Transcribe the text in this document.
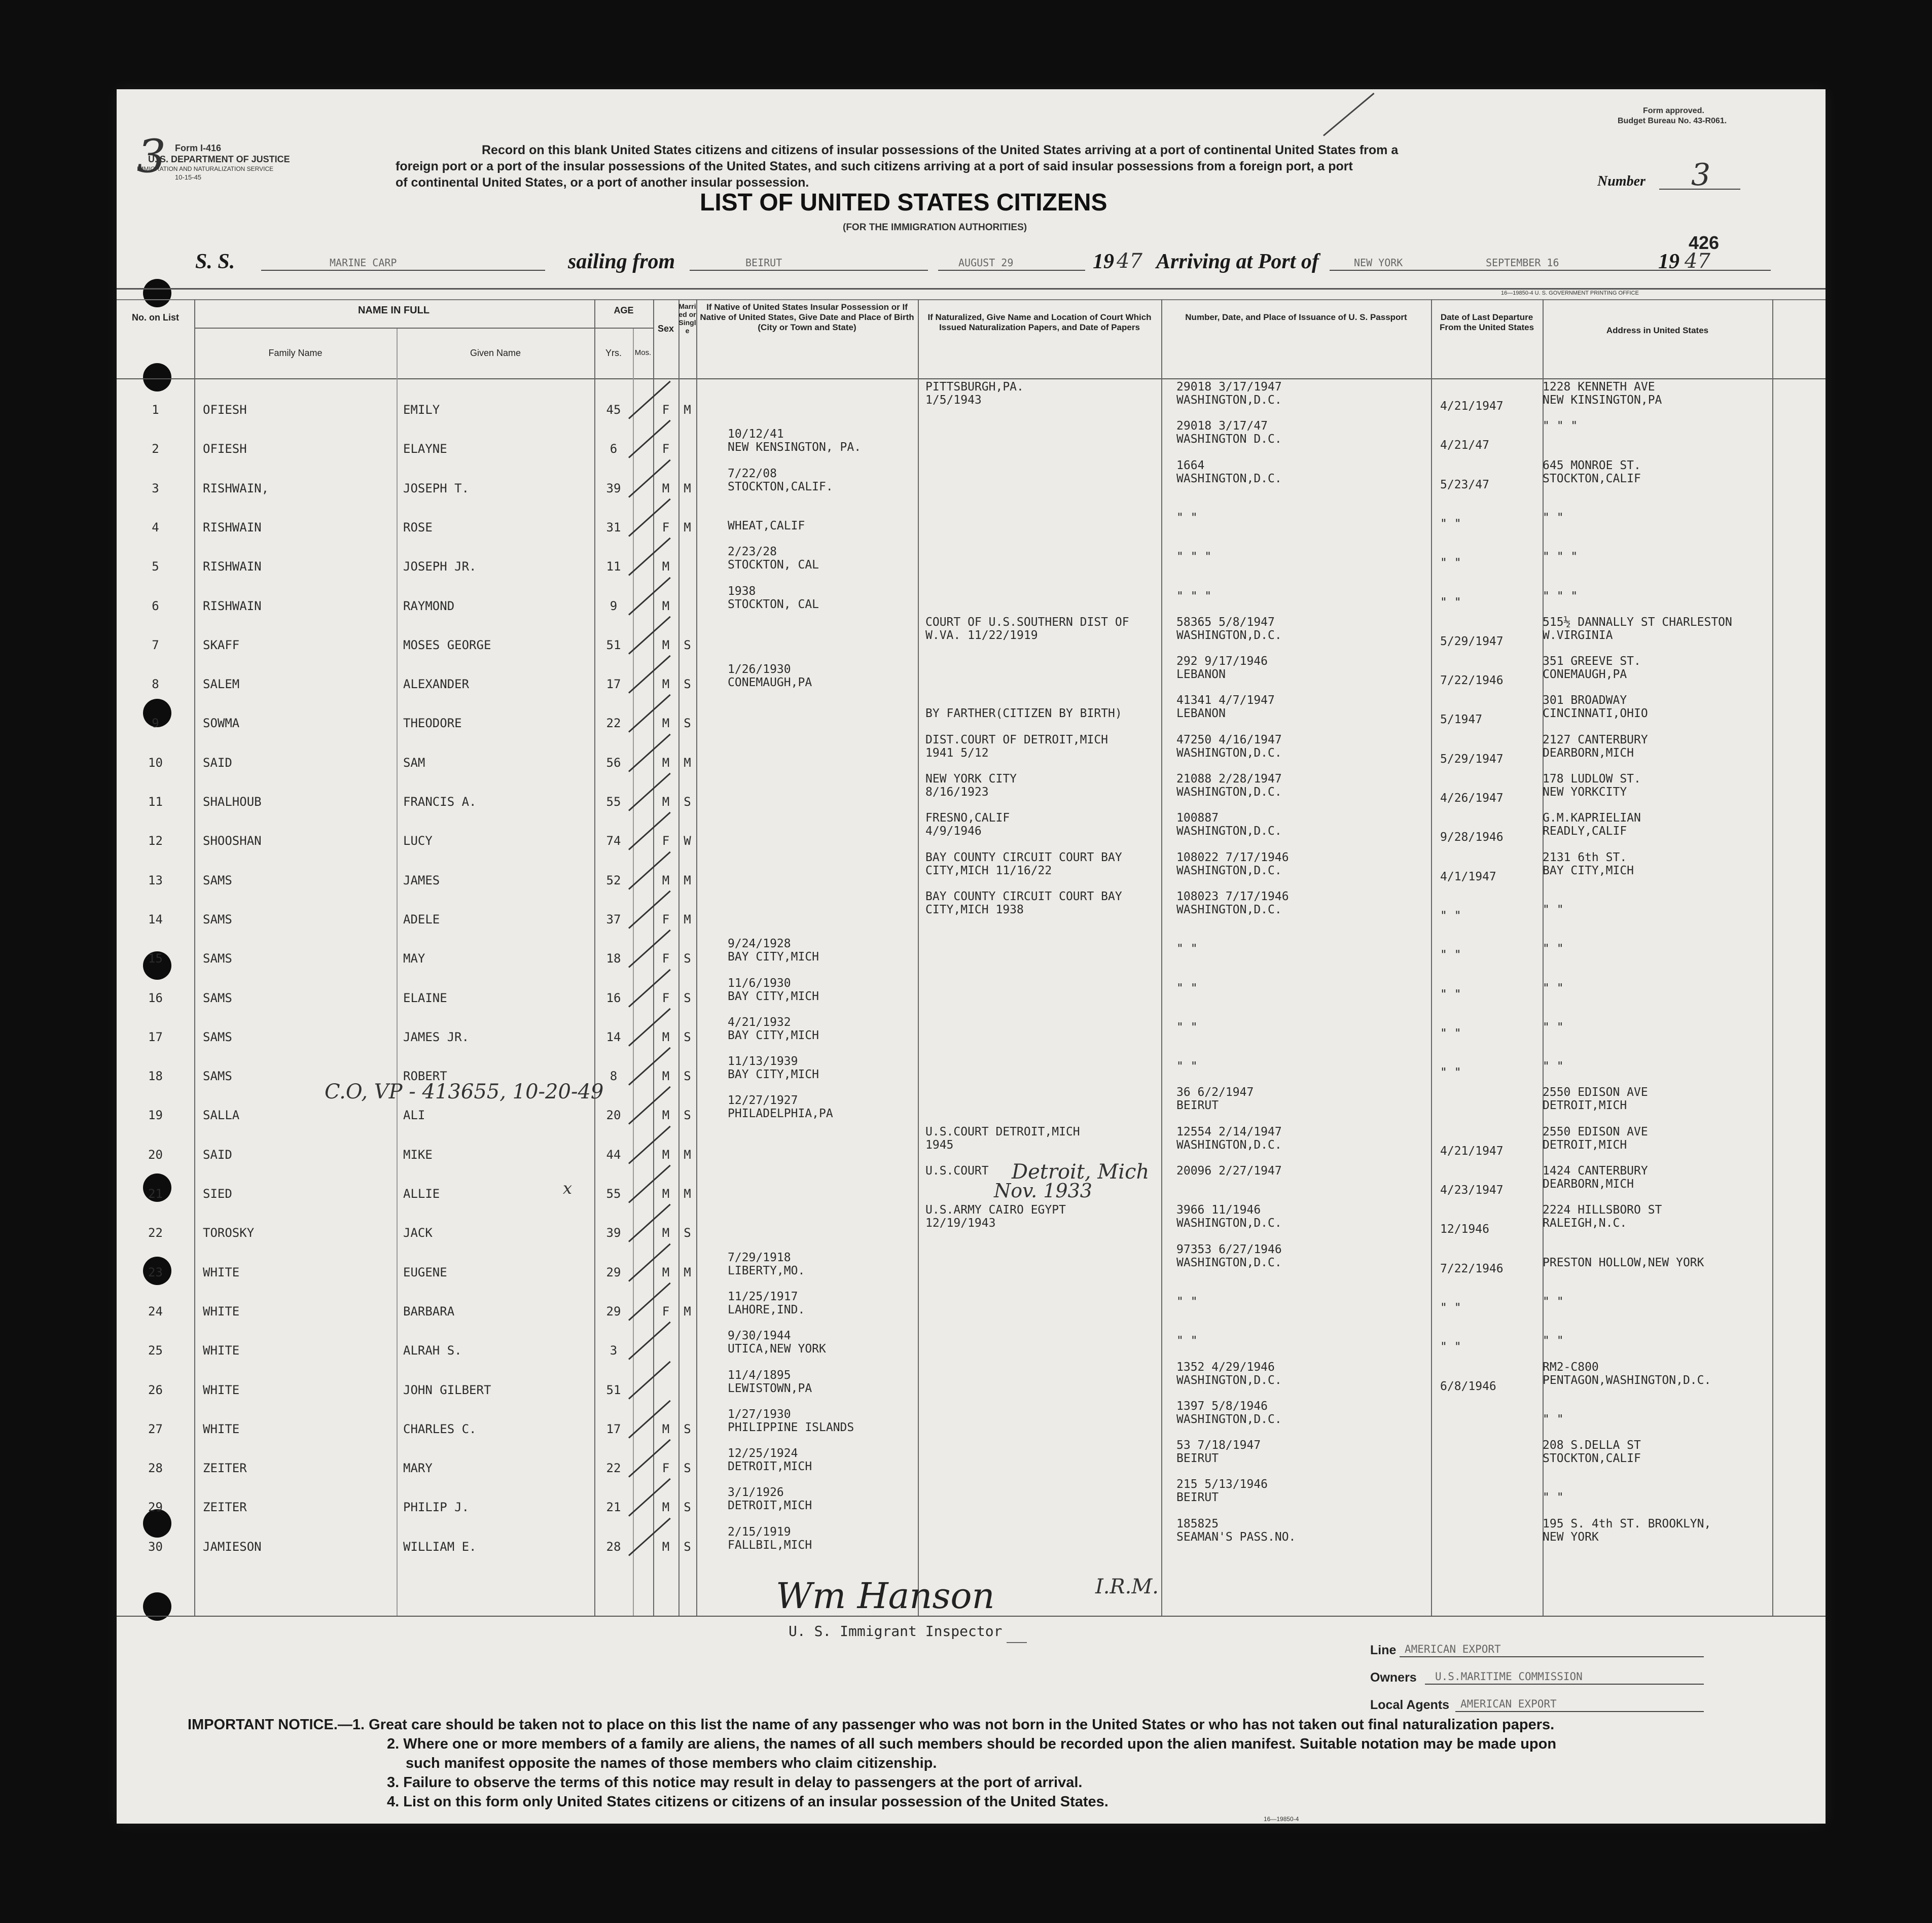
3 Form I-416
U. S. DEPARTMENT OF JUSTICE
IMMIGRATION AND NATURALIZATION SERVICE
10-15-45
Form approved.
Budget Bureau No. 43-R061.
Record on this blank United States citizens and citizens of insular possessions of the United States arriving at a port of continental United States from a
foreign port or a port of the insular possessions of the United States, and such citizens arriving at a port of said insular possessions from a foreign port, a port
of continental United States, or a port of another insular possession.
LIST OF UNITED STATES CITIZENS
(FOR THE IMMIGRATION AUTHORITIES)
Number 3
426
S. S.	MARINE CARP	sailing from	BEIRUT	AUGUST 29	19 47 Arriving at Port of	NEW YORK	SEPTEMBER 16	19 47
16—19850-4 U. S. GOVERNMENT PRINTING OFFICE
No. on List
NAME IN FULL
Family Name	Given Name
AGE
Yrs.	Mos.
Sex
Married or Single
If Native of United States Insular Possession or If Native of United States, Give Date and Place of Birth (City or Town and State)
If Naturalized, Give Name and Location of Court Which Issued Naturalization Papers, and Date of Papers
Number, Date, and Place of Issuance of U. S. Passport	Date of Last Departure From the United States	Address in United States
1	OFIESH	EMILY	45	F	M
PITTSBURGH,PA.
1/5/1943
29018 3/17/1947
WASHINGTON,D.C.	4/21/1947
1228 KENNETH AVE
NEW KINSINGTON,PA
2	OFIESH	ELAYNE	6	F
10/12/41
NEW KENSINGTON, PA.
29018 3/17/47
WASHINGTON D.C.	4/21/47
" " "
3	RISHWAIN,	JOSEPH T.	39	M	M
7/22/08
STOCKTON,CALIF.
1664
WASHINGTON,D.C.	5/23/47
645 MONROE ST.
STOCKTON,CALIF
4	RISHWAIN	ROSE	31	F	M	WHEAT,CALIF
" "	" "	" "
5	RISHWAIN	JOSEPH JR.	11	M
2/23/28
STOCKTON, CAL
" " "	" "	" " "
6	RISHWAIN	RAYMOND	9	M
1938
STOCKTON, CAL
" " "	" "	" " "
7	SKAFF	MOSES GEORGE	51	M	S
COURT OF U.S.SOUTHERN DIST OF
W.VA. 11/22/1919
58365 5/8/1947
WASHINGTON,D.C.	5/29/1947
515½ DANNALLY ST CHARLESTON
W.VIRGINIA
8	SALEM	ALEXANDER	17	M	S
1/26/1930
CONEMAUGH,PA
292 9/17/1946
LEBANON	7/22/1946
351 GREEVE ST.
CONEMAUGH,PA
9	SOWMA	THEODORE	22	M	S
BY FARTHER(CITIZEN BY BIRTH)
41341 4/7/1947
LEBANON	5/1947
301 BROADWAY
CINCINNATI,OHIO
10	SAID	SAM	56	M	M
DIST.COURT OF DETROIT,MICH
1941 5/12
47250 4/16/1947
WASHINGTON,D.C.	5/29/1947
2127 CANTERBURY
DEARBORN,MICH
11	SHALHOUB	FRANCIS A.	55	M	S
NEW YORK CITY
8/16/1923
21088 2/28/1947
WASHINGTON,D.C.	4/26/1947
178 LUDLOW ST.
NEW YORKCITY
12	SHOOSHAN	LUCY	74	F	W
FRESNO,CALIF
4/9/1946
100887
WASHINGTON,D.C.	9/28/1946
G.M.KAPRIELIAN
READLY,CALIF
13	SAMS	JAMES	52	M	M
BAY COUNTY CIRCUIT COURT BAY
CITY,MICH 11/16/22
108022 7/17/1946
WASHINGTON,D.C.	4/1/1947
2131 6th ST.
BAY CITY,MICH
14	SAMS	ADELE	37	F	M
BAY COUNTY CIRCUIT COURT BAY
CITY,MICH 1938
108023 7/17/1946
WASHINGTON,D.C.	" "	" "
15	SAMS	MAY	18	F	S
9/24/1928
BAY CITY,MICH
" "	" "	" "
16	SAMS	ELAINE	16	F	S
11/6/1930
BAY CITY,MICH
" "	" "	" "
17	SAMS	JAMES JR.	14	M	S
4/21/1932
BAY CITY,MICH
" "	" "	" "
18	SAMS	ROBERT	8	M	S
11/13/1939
BAY CITY,MICH
" "	" "	" "
19	SALLA	ALI	20	M	S
12/27/1927
PHILADELPHIA,PA
36 6/2/1947
BEIRUT
2550 EDISON AVE
DETROIT,MICH
20	SAID	MIKE	44	M	M
U.S.COURT DETROIT,MICH
1945
12554 2/14/1947
WASHINGTON,D.C.	4/21/1947
2550 EDISON AVE
DETROIT,MICH
21	SIED	ALLIE	55	M	M
U.S.COURT	20096 2/27/1947
4/23/1947
1424 CANTERBURY
DEARBORN,MICH
22	TOROSKY	JACK	39	M	S
U.S.ARMY CAIRO EGYPT
12/19/1943
3966 11/1946
WASHINGTON,D.C.	12/1946
2224 HILLSBORO ST
RALEIGH,N.C.
23	WHITE	EUGENE	29	M	M
7/29/1918
LIBERTY,MO.
97353 6/27/1946
WASHINGTON,D.C.	7/22/1946	PRESTON HOLLOW,NEW YORK
24	WHITE	BARBARA	29	F	M
11/25/1917
LAHORE,IND.
" "	" "	" "
25	WHITE	ALRAH S.	3
9/30/1944
UTICA,NEW YORK
" "	" "	" "
26	WHITE	JOHN GILBERT	51
11/4/1895
LEWISTOWN,PA
1352 4/29/1946
WASHINGTON,D.C.	6/8/1946
RM2-C800
PENTAGON,WASHINGTON,D.C.
27	WHITE	CHARLES C.	17	M	S
1/27/1930
PHILIPPINE ISLANDS
1397 5/8/1946
WASHINGTON,D.C.	" "
28	ZEITER	MARY	22	F	S
12/25/1924
DETROIT,MICH
53 7/18/1947
BEIRUT
208 S.DELLA ST
STOCKTON,CALIF
29	ZEITER	PHILIP J.	21	M	S
3/1/1926
DETROIT,MICH
215 5/13/1946
BEIRUT	" "
30	JAMIESON	WILLIAM E.	28	M	S
2/15/1919
FALLBIL,MICH
185825
SEAMAN'S PASS.NO.
195 S. 4th ST. BROOKLYN,
NEW YORK
C.O, VP - 413655, 10-20-49
Detroit, Mich
Nov. 1933
x
Wm Hanson	I.R.M.
U. S. Immigrant Inspector
Line AMERICAN EXPORT
Owners U.S.MARITIME COMMISSION
Local Agents AMERICAN EXPORT
IMPORTANT NOTICE.—1. Great care should be taken not to place on this list the name of any passenger who was not born in the United States or who has not taken out final naturalization papers.
2. Where one or more members of a family are aliens, the names of all such members should be recorded upon the alien manifest. Suitable notation may be made upon
such manifest opposite the names of those members who claim citizenship.
3. Failure to observe the terms of this notice may result in delay to passengers at the port of arrival.
4. List on this form only United States citizens or citizens of an insular possession of the United States.
16—19850-4
